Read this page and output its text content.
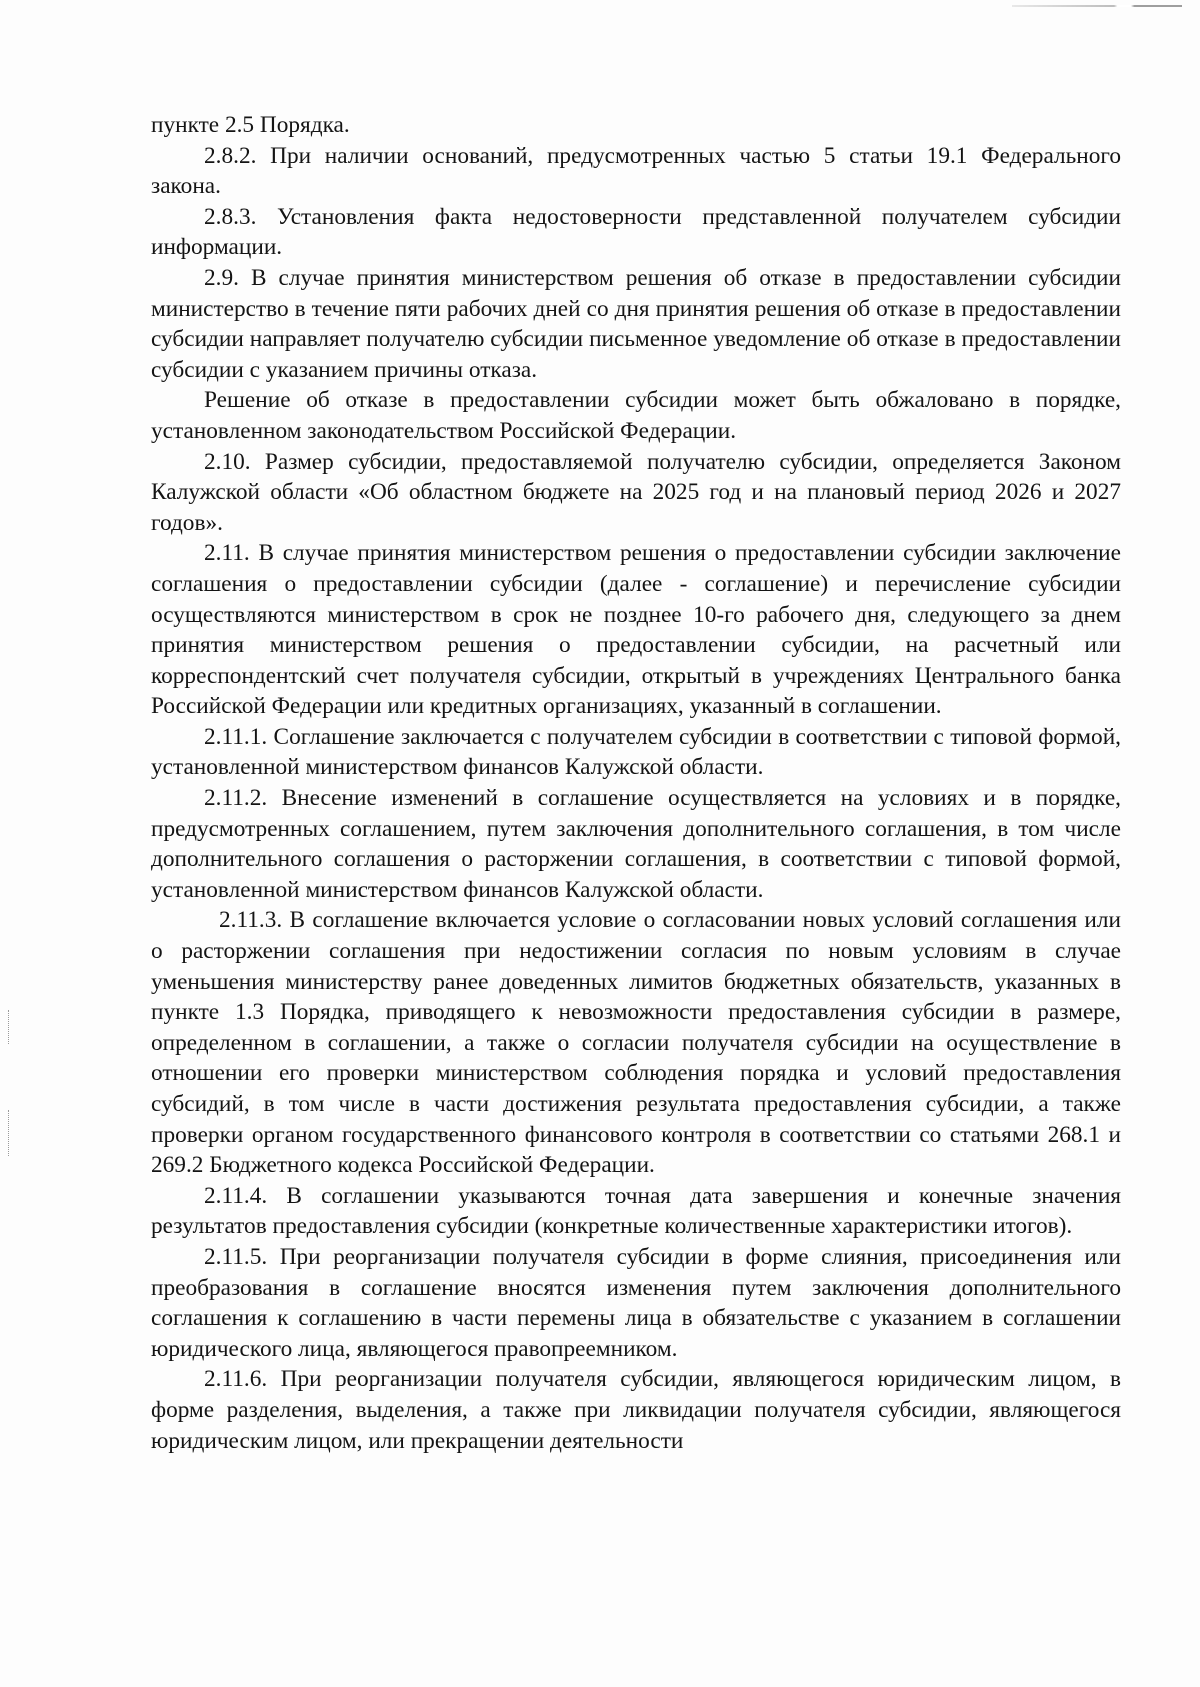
пункте 2.5 Порядка.

2.8.2. При наличии оснований, предусмотренных частью 5 статьи 19.1 Федерального закона.

2.8.3. Установления факта недостоверности представленной получателем субсидии информации.

2.9. В случае принятия министерством решения об отказе в предоставлении субсидии министерство в течение пяти рабочих дней со дня принятия решения об отказе в предоставлении субсидии направляет получателю субсидии письменное уведомление об отказе в предоставлении субсидии с указанием причины отказа.

Решение об отказе в предоставлении субсидии может быть обжаловано в порядке, установленном законодательством Российской Федерации.

2.10. Размер субсидии, предоставляемой получателю субсидии, определяется Законом Калужской области «Об областном бюджете на 2025 год и на плановый период 2026 и 2027 годов».

2.11. В случае принятия министерством решения о предоставлении субсидии заключение соглашения о предоставлении субсидии (далее - соглашение) и перечисление субсидии осуществляются министерством в срок не позднее 10-го рабочего дня, следующего за днем принятия министерством решения о предоставлении субсидии, на расчетный или корреспондентский счет получателя субсидии, открытый в учреждениях Центрального банка Российской Федерации или кредитных организациях, указанный в соглашении.

2.11.1. Соглашение заключается с получателем субсидии в соответствии с типовой формой, установленной министерством финансов Калужской области.

2.11.2. Внесение изменений в соглашение осуществляется на условиях и в порядке, предусмотренных соглашением, путем заключения дополнительного соглашения, в том числе дополнительного соглашения о расторжении соглашения, в соответствии с типовой формой, установленной министерством финансов Калужской области.

2.11.3. В соглашение включается условие о согласовании новых условий соглашения или о расторжении соглашения при недостижении согласия по новым условиям в случае уменьшения министерству ранее доведенных лимитов бюджетных обязательств, указанных в пункте 1.3 Порядка, приводящего к невозможности предоставления субсидии в размере, определенном в соглашении, а также о согласии получателя субсидии на осуществление в отношении его проверки министерством соблюдения порядка и условий предоставления субсидий, в том числе в части достижения результата предоставления субсидии, а также проверки органом государственного финансового контроля в соответствии со статьями 268.1 и 269.2 Бюджетного кодекса Российской Федерации.

2.11.4. В соглашении указываются точная дата завершения и конечные значения результатов предоставления субсидии (конкретные количественные характеристики итогов).

2.11.5. При реорганизации получателя субсидии в форме слияния, присоединения или преобразования в соглашение вносятся изменения путем заключения дополнительного соглашения к соглашению в части перемены лица в обязательстве с указанием в соглашении юридического лица, являющегося правопреемником.

2.11.6. При реорганизации получателя субсидии, являющегося юридическим лицом, в форме разделения, выделения, а также при ликвидации получателя субсидии, являющегося юридическим лицом, или прекращении деятельности
